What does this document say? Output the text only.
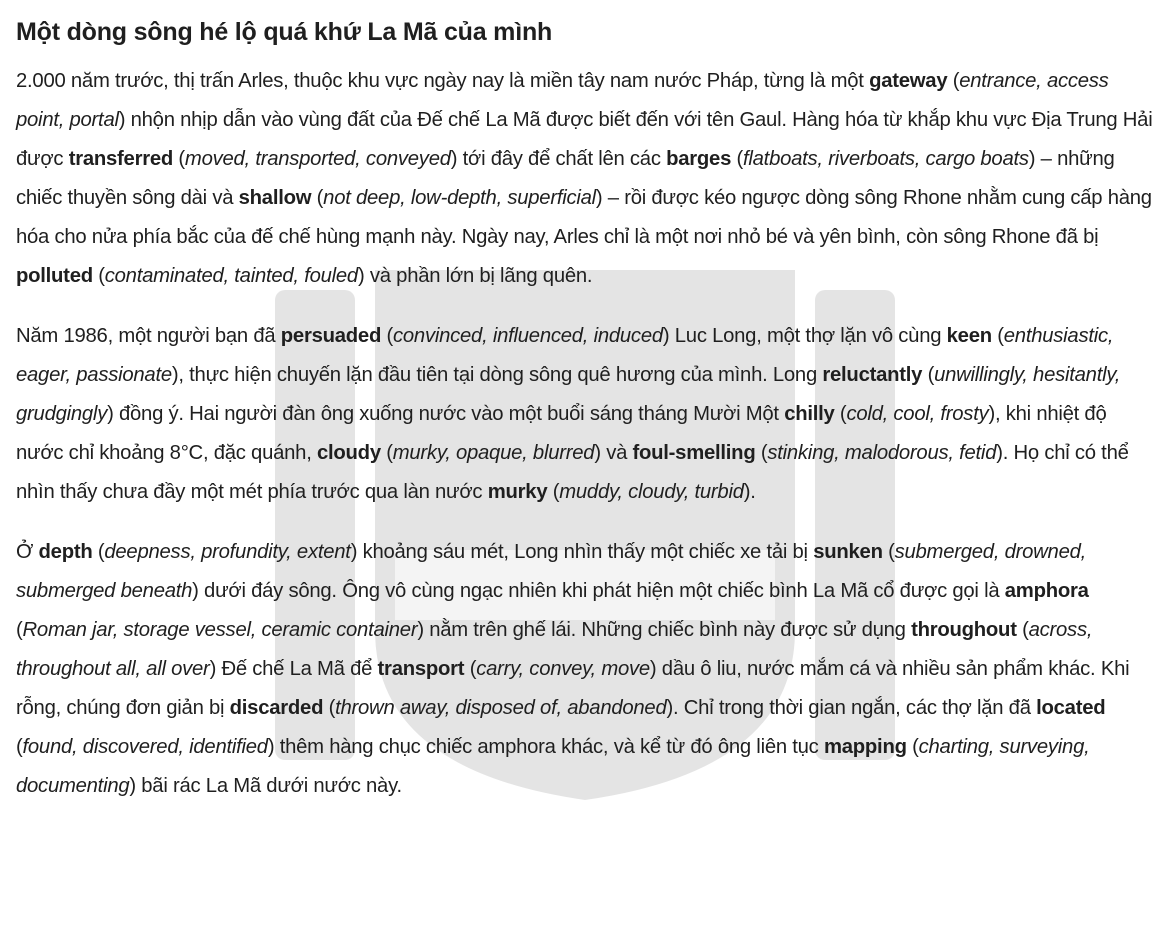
Một dòng sông hé lộ quá khứ La Mã của mình

2.000 năm trước, thị trấn Arles, thuộc khu vực ngày nay là miền tây nam nước Pháp, từng là một gateway (entrance, access point, portal) nhộn nhịp dẫn vào vùng đất của Đế chế La Mã được biết đến với tên Gaul. Hàng hóa từ khắp khu vực Địa Trung Hải được transferred (moved, transported, conveyed) tới đây để chất lên các barges (flatboats, riverboats, cargo boats) – những chiếc thuyền sông dài và shallow (not deep, low-depth, superficial) – rồi được kéo ngược dòng sông Rhone nhằm cung cấp hàng hóa cho nửa phía bắc của đế chế hùng mạnh này. Ngày nay, Arles chỉ là một nơi nhỏ bé và yên bình, còn sông Rhone đã bị polluted (contaminated, tainted, fouled) và phần lớn bị lãng quên.

Năm 1986, một người bạn đã persuaded (convinced, influenced, induced) Luc Long, một thợ lặn vô cùng keen (enthusiastic, eager, passionate), thực hiện chuyến lặn đầu tiên tại dòng sông quê hương của mình. Long reluctantly (unwillingly, hesitantly, grudgingly) đồng ý. Hai người đàn ông xuống nước vào một buổi sáng tháng Mười Một chilly (cold, cool, frosty), khi nhiệt độ nước chỉ khoảng 8°C, đặc quánh, cloudy (murky, opaque, blurred) và foul-smelling (stinking, malodorous, fetid). Họ chỉ có thể nhìn thấy chưa đầy một mét phía trước qua làn nước murky (muddy, cloudy, turbid).

Ở depth (deepness, profundity, extent) khoảng sáu mét, Long nhìn thấy một chiếc xe tải bị sunken (submerged, drowned, submerged beneath) dưới đáy sông. Ông vô cùng ngạc nhiên khi phát hiện một chiếc bình La Mã cổ được gọi là amphora (Roman jar, storage vessel, ceramic container) nằm trên ghế lái. Những chiếc bình này được sử dụng throughout (across, throughout all, all over) Đế chế La Mã để transport (carry, convey, move) dầu ô liu, nước mắm cá và nhiều sản phẩm khác. Khi rỗng, chúng đơn giản bị discarded (thrown away, disposed of, abandoned). Chỉ trong thời gian ngắn, các thợ lặn đã located (found, discovered, identified) thêm hàng chục chiếc amphora khác, và kể từ đó ông liên tục mapping (charting, surveying, documenting) bãi rác La Mã dưới nước này.
